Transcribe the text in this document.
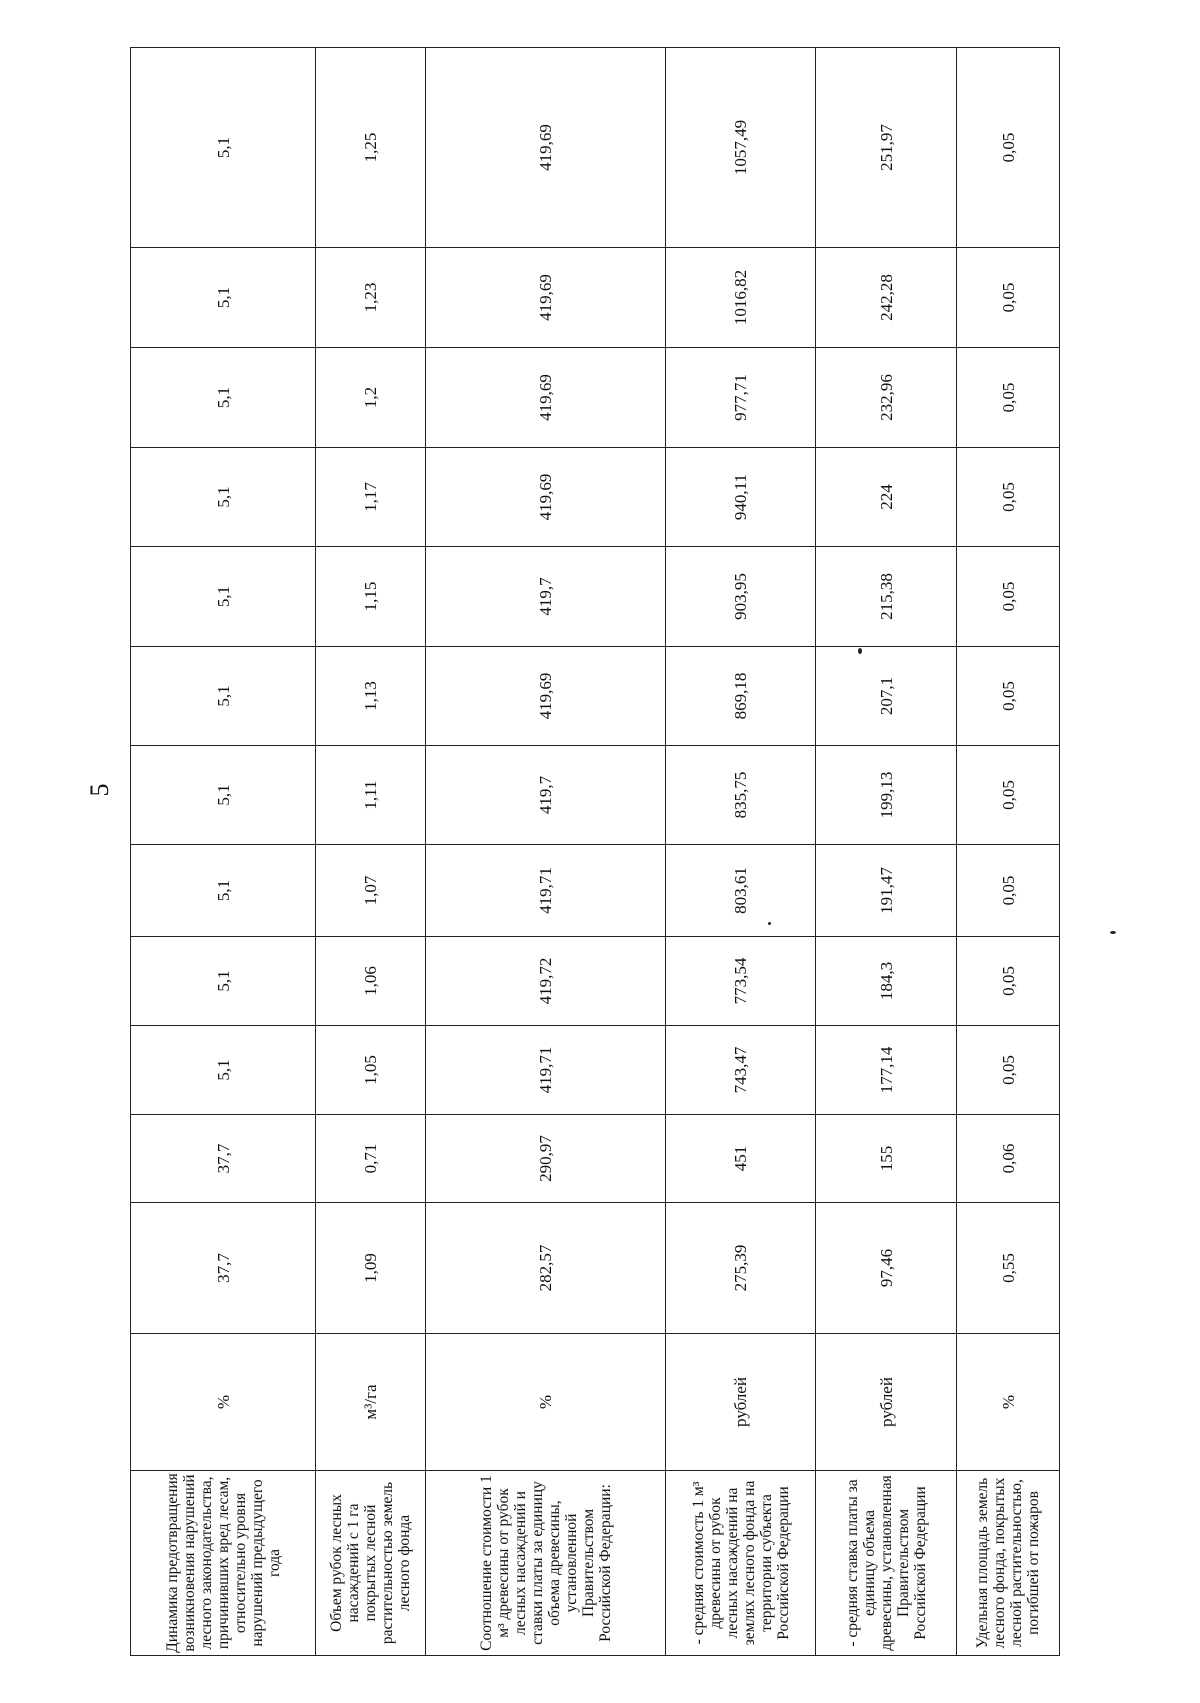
5
Динамика предотвращения возникновения нарушений лесного законодательства, причинивших вред лесам, относительно уровня нарушений предыдущего года	%	37,7	37,7	5,1	5,1	5,1	5,1	5,1	5,1	5,1	5,1	5,1	5,1
Объем рубок лесных насаждений с 1 га покрытых лесной растительностью земель лесного фонда	м³/га	1,09	0,71	1,05	1,06	1,07	1,11	1,13	1,15	1,17	1,2	1,23	1,25
Соотношение стоимости 1 м³ древесины от рубок лесных насаждений и ставки платы за единицу объема древесины, установленной Правительством Российской Федерации:	%	282,57	290,97	419,71	419,72	419,71	419,7	419,69	419,7	419,69	419,69	419,69	419,69
- средняя стоимость 1 м³ древесины от рубок лесных насаждений на землях лесного фонда на территории субъекта Российской Федерации	рублей	275,39	451	743,47	773,54	803,61	835,75	869,18	903,95	940,11	977,71	1016,82	1057,49
- средняя ставка платы за единицу объема древесины, установленная Правительством Российской Федерации	рублей	97,46	155	177,14	184,3	191,47	199,13	207,1	215,38	224	232,96	242,28	251,97
Удельная площадь земель лесного фонда, покрытых лесной растительностью, погибшей от пожаров	%	0,55	0,06	0,05	0,05	0,05	0,05	0,05	0,05	0,05	0,05	0,05	0,05
